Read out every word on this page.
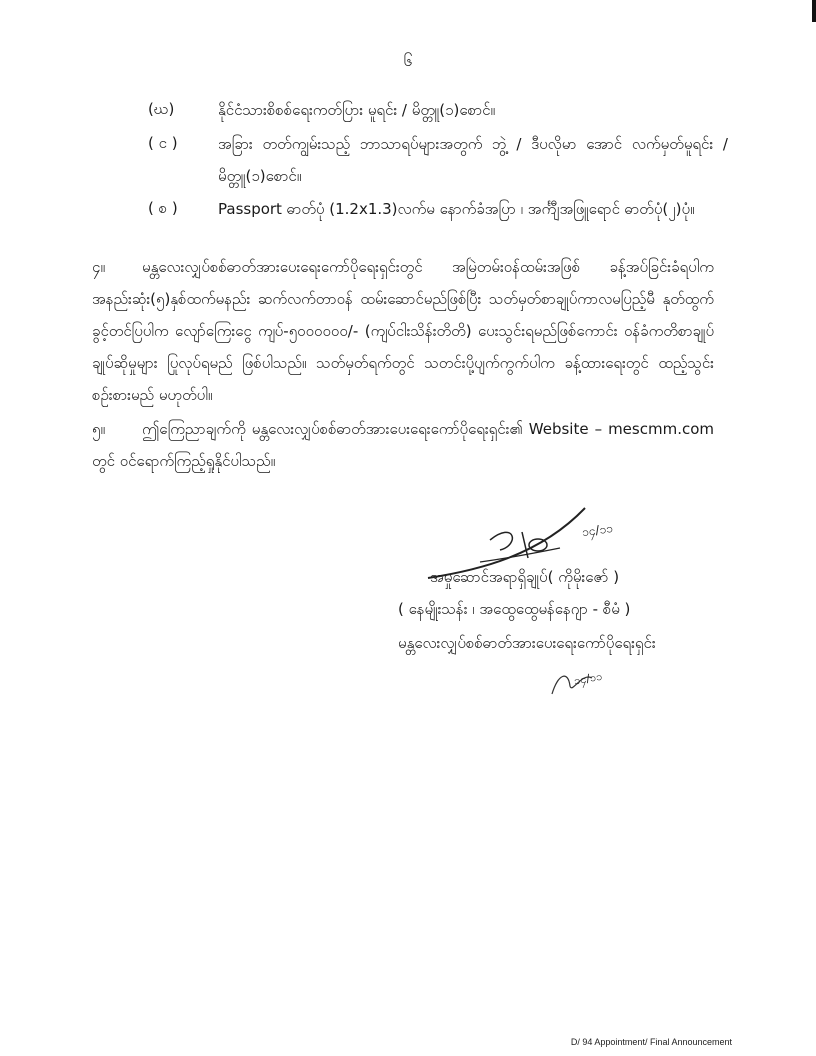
၆
(ဃ)	နိုင်ငံသားစိစစ်ရေးကတ်ပြား မူရင်း / မိတ္တူ(၁)စောင်။
( င )	အခြား တတ်ကျွမ်းသည့် ဘာသာရပ်များအတွက် ဘွဲ့ / ဒီပလိုမာ အောင် လက်မှတ်မူရင်း / မိတ္တူ(၁)စောင်။
( စ )	Passport ဓာတ်ပုံ (1.2x1.3)လက်မ နောက်ခံအပြာ ၊ အင်္ကျီအဖြူရောင် ဓာတ်ပုံ(၂)ပုံ။
၄။ မန္တလေးလျှပ်စစ်ဓာတ်အားပေးရေးကော်ပိုရေးရှင်းတွင် အမြဲတမ်းဝန်ထမ်းအဖြစ် ခန့်အပ်ခြင်းခံရပါက အနည်းဆုံး(၅)နှစ်ထက်မနည်း ဆက်လက်တာဝန် ထမ်းဆောင်မည်ဖြစ်ပြီး သတ်မှတ်စာချုပ်ကာလမပြည့်မီ နုတ်ထွက်ခွင့်တင်ပြပါက လျော်ကြေးငွေ ကျပ်-၅၀၀၀၀၀၀/- (ကျပ်ငါးသိန်းတိတိ) ပေးသွင်းရမည်ဖြစ်ကောင်း ဝန်ခံကတိစာချုပ် ချုပ်ဆိုမှုများ ပြုလုပ်ရမည် ဖြစ်ပါသည်။ သတ်မှတ်ရက်တွင် သတင်းပို့ပျက်ကွက်ပါက ခန့်ထားရေးတွင် ထည့်သွင်းစဉ်းစားမည် မဟုတ်ပါ။
၅။ ဤကြေညာချက်ကို မန္တလေးလျှပ်စစ်ဓာတ်အားပေးရေးကော်ပိုရေးရှင်း၏ Website – mescmm.com တွင် ဝင်ရောက်ကြည့်ရှုနိုင်ပါသည်။
၁၄/၁၁
အမှုဆောင်အရာရှိချုပ်( ကိုမိုးဇော် )
( နေမျိုးသန်း ၊ အထွေထွေမန်နေဂျာ - စီမံ )
မန္တလေးလျှပ်စစ်ဓာတ်အားပေးရေးကော်ပိုရေးရှင်း
၁၄/၁၁
D/ 94 Appointment/ Final Announcement
